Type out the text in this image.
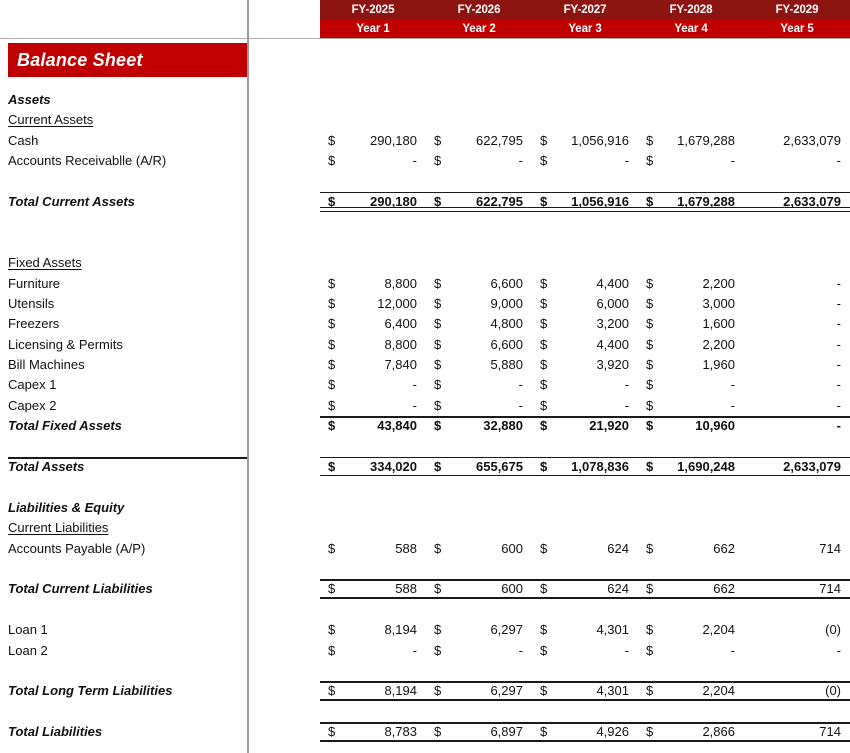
FY-2025	FY-2026	FY-2027	FY-2028	FY-2029
Year 1	Year 2	Year 3	Year 4	Year 5
Balance Sheet
Assets
Current Assets
Cash	$	290,180 $	622,795 $ 1,056,916 $ 1,679,288	2,633,079
Accounts Receivablle (A/R)	$	- $	- $	- $	-	-
Total Current Assets	$	290,180 $	622,795 $ 1,056,916 $ 1,679,288	2,633,079
Fixed Assets
Furniture	$	8,800 $	6,600 $	4,400 $	2,200	-
Utensils	$	12,000 $	9,000 $	6,000 $	3,000	-
Freezers	$	6,400 $	4,800 $	3,200 $	1,600	-
Licensing & Permits	$	8,800 $	6,600 $	4,400 $	2,200	-
Bill Machines	$	7,840 $	5,880 $	3,920 $	1,960	-
Capex 1	$	- $	- $	- $	-	-
Capex 2	$	- $	- $	- $	-	-
Total Fixed Assets	$	43,840 $	32,880 $	21,920 $	10,960	-
Total Assets	$	334,020 $	655,675 $ 1,078,836 $ 1,690,248	2,633,079
Liabilities & Equity
Current Liabilities
Accounts Payable (A/P)	$	588 $	600 $	624 $	662	714
Total Current Liabilities	$	588 $	600 $	624 $	662	714
Loan 1	$	8,194 $	6,297 $	4,301 $	2,204	(0)
Loan 2	$	- $	- $	- $	-	-
Total Long Term Liabilities	$	8,194 $	6,297 $	4,301 $	2,204	(0)
Total Liabilities	$	8,783 $	6,897 $	4,926 $	2,866	714
